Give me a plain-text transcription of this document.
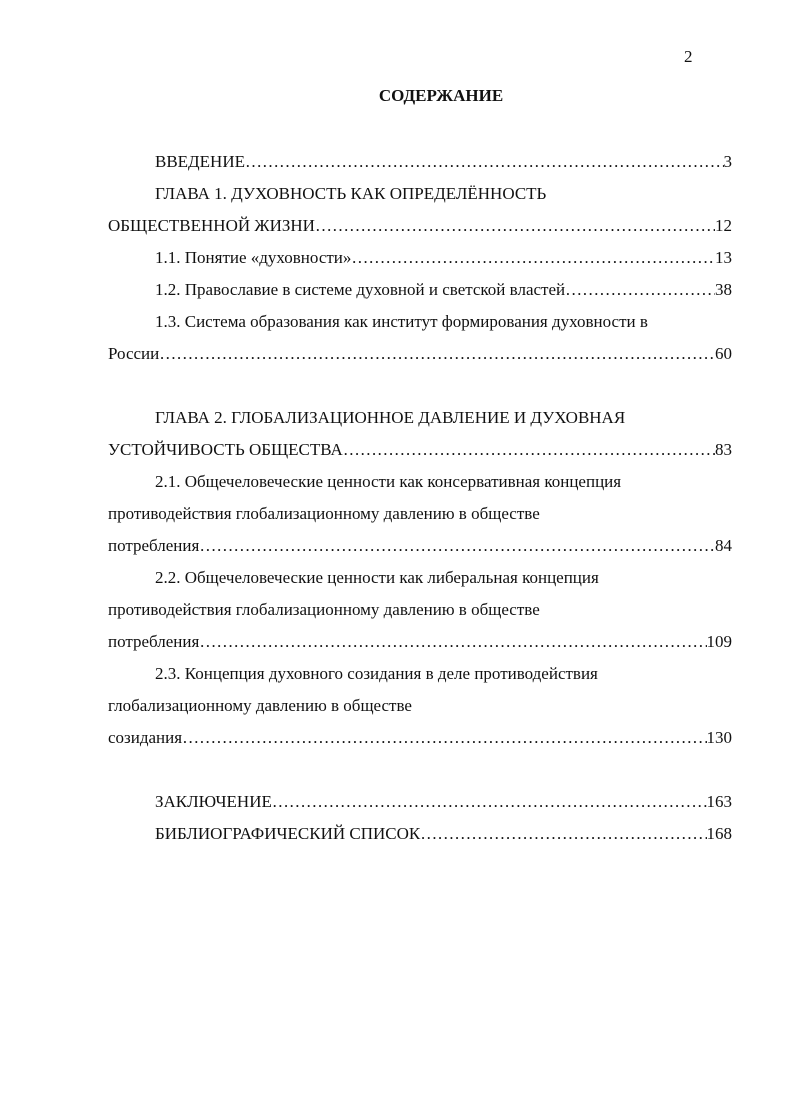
2
СОДЕРЖАНИЕ
ВВЕДЕНИЕ ……………………………………………………………………………………………………………………………………………………………	3
ГЛАВА 1. ДУХОВНОСТЬ КАК ОПРЕДЕЛЁННОСТЬ
ОБЩЕСТВЕННОЙ ЖИЗНИ ……………………………………………………………………………………………………………………………………………………………	12
1.1. Понятие «духовности» ……………………………………………………………………………………………………………………………………………………………	13
1.2. Православие в системе духовной и светской властей ……………………………………………………………………………………………………………………………………………………………	38
1.3. Система образования как институт формирования духовности в
России ……………………………………………………………………………………………………………………………………………………………	60
ГЛАВА 2. ГЛОБАЛИЗАЦИОННОЕ ДАВЛЕНИЕ И ДУХОВНАЯ
УСТОЙЧИВОСТЬ ОБЩЕСТВА ……………………………………………………………………………………………………………………………………………………………	83
2.1. Общечеловеческие ценности как консервативная концепция
противодействия глобализационному давлению в обществе
потребления ……………………………………………………………………………………………………………………………………………………………	84
2.2. Общечеловеческие ценности как либеральная концепция
противодействия глобализационному давлению в обществе
потребления ……………………………………………………………………………………………………………………………………………………………	109
2.3. Концепция духовного созидания в деле противодействия
глобализационному давлению в обществе
созидания ……………………………………………………………………………………………………………………………………………………………	130
ЗАКЛЮЧЕНИЕ ……………………………………………………………………………………………………………………………………………………………	163
БИБЛИОГРАФИЧЕСКИЙ СПИСОК ……………………………………………………………………………………………………………………………………………………………	168
